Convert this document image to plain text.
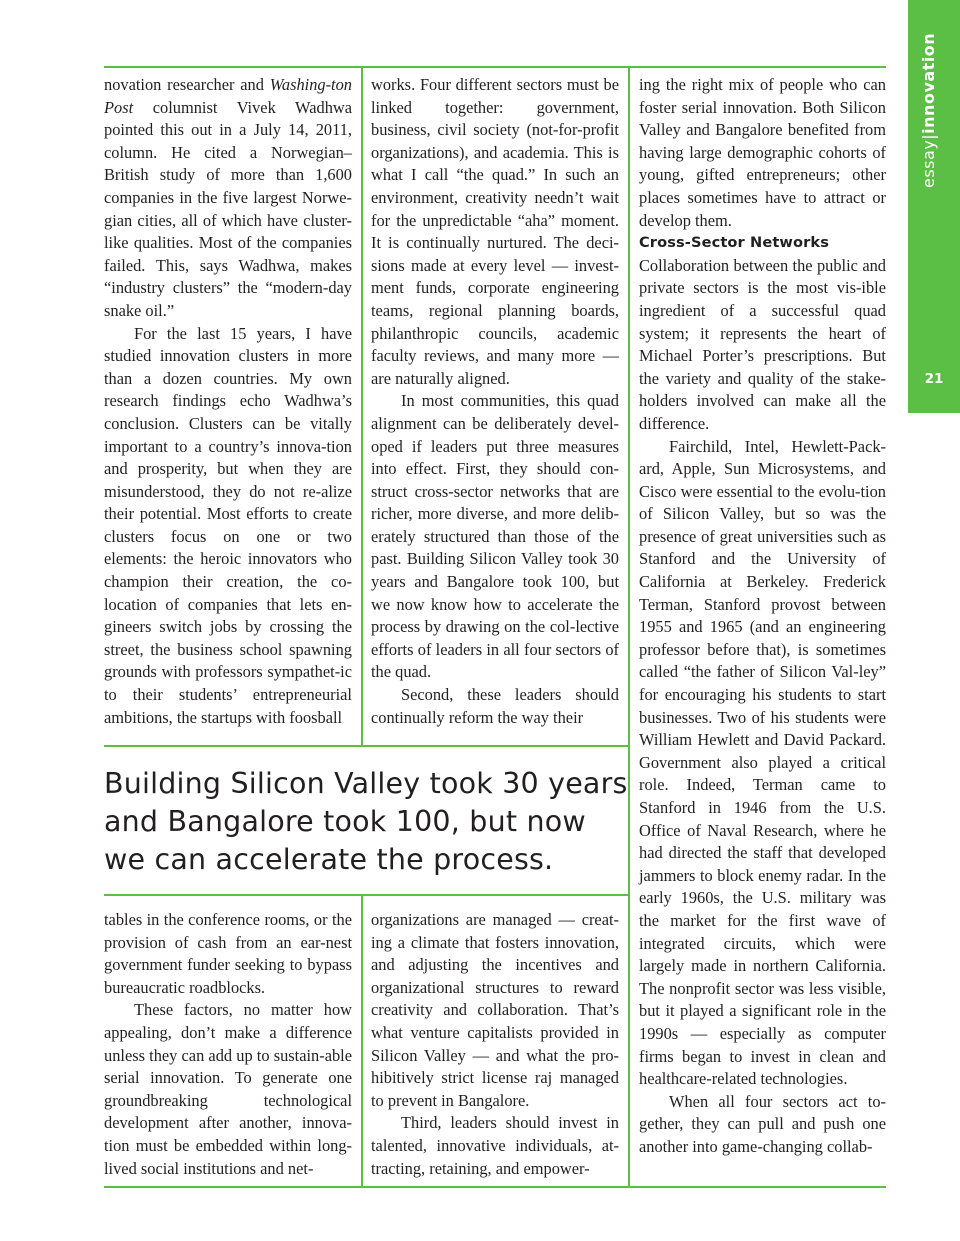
novation researcher and Washing-ton Post columnist Vivek Wadhwa pointed this out in a July 14, 2011, column. He cited a Norwegian–British study of more than 1,600 companies in the five largest Norwe-gian cities, all of which have cluster-like qualities. Most of the companies failed. This, says Wadhwa, makes “industry clusters” the “modern-day snake oil.”

For the last 15 years, I have studied innovation clusters in more than a dozen countries. My own research findings echo Wadhwa’s conclusion. Clusters can be vitally important to a country’s innova-tion and prosperity, but when they are misunderstood, they do not re-alize their potential. Most efforts to create clusters focus on one or two elements: the heroic innovators who champion their creation, the co-location of companies that lets en-gineers switch jobs by crossing the street, the business school spawning grounds with professors sympathet-ic to their students’ entrepreneurial ambitions, the startups with foosball

works. Four different sectors must be linked together: government, business, civil society (not-for-profit organizations), and academia. This is what I call “the quad.” In such an environment, creativity needn’t wait for the unpredictable “aha” moment. It is continually nurtured. The deci-sions made at every level — invest-ment funds, corporate engineering teams, regional planning boards, philanthropic councils, academic faculty reviews, and many more — are naturally aligned.

In most communities, this quad alignment can be deliberately devel-oped if leaders put three measures into effect. First, they should con-struct cross-sector networks that are richer, more diverse, and more delib-erately structured than those of the past. Building Silicon Valley took 30 years and Bangalore took 100, but we now know how to accelerate the process by drawing on the col-lective efforts of leaders in all four sectors of the quad.

Second, these leaders should continually reform the way their

Building Silicon Valley took 30 years and Bangalore took 100, but now we can accelerate the process.

tables in the conference rooms, or the provision of cash from an ear-nest government funder seeking to bypass bureaucratic roadblocks.

These factors, no matter how appealing, don’t make a difference unless they can add up to sustain-able serial innovation. To generate one groundbreaking technological development after another, innova-tion must be embedded within long-lived social institutions and net-

organizations are managed — creat-ing a climate that fosters innovation, and adjusting the incentives and organizational structures to reward creativity and collaboration. That’s what venture capitalists provided in Silicon Valley — and what the pro-hibitively strict license raj managed to prevent in Bangalore.

Third, leaders should invest in talented, innovative individuals, at-tracting, retaining, and empower-

ing the right mix of people who can foster serial innovation. Both Silicon Valley and Bangalore benefited from having large demographic cohorts of young, gifted entrepreneurs; other places sometimes have to attract or develop them.

Cross-Sector Networks

Collaboration between the public and private sectors is the most vis-ible ingredient of a successful quad system; it represents the heart of Michael Porter’s prescriptions. But the variety and quality of the stake-holders involved can make all the difference.

Fairchild, Intel, Hewlett-Pack-ard, Apple, Sun Microsystems, and Cisco were essential to the evolu-tion of Silicon Valley, but so was the presence of great universities such as Stanford and the University of California at Berkeley. Frederick Terman, Stanford provost between 1955 and 1965 (and an engineering professor before that), is sometimes called “the father of Silicon Val-ley” for encouraging his students to start businesses. Two of his students were William Hewlett and David Packard. Government also played a critical role. Indeed, Terman came to Stanford in 1946 from the U.S. Office of Naval Research, where he had directed the staff that developed jammers to block enemy radar. In the early 1960s, the U.S. military was the market for the first wave of integrated circuits, which were largely made in northern California. The nonprofit sector was less visible, but it played a significant role in the 1990s — especially as computer firms began to invest in clean and healthcare-related technologies.

When all four sectors act to-gether, they can pull and push one another into game-changing collab-

essay|innovation
21
